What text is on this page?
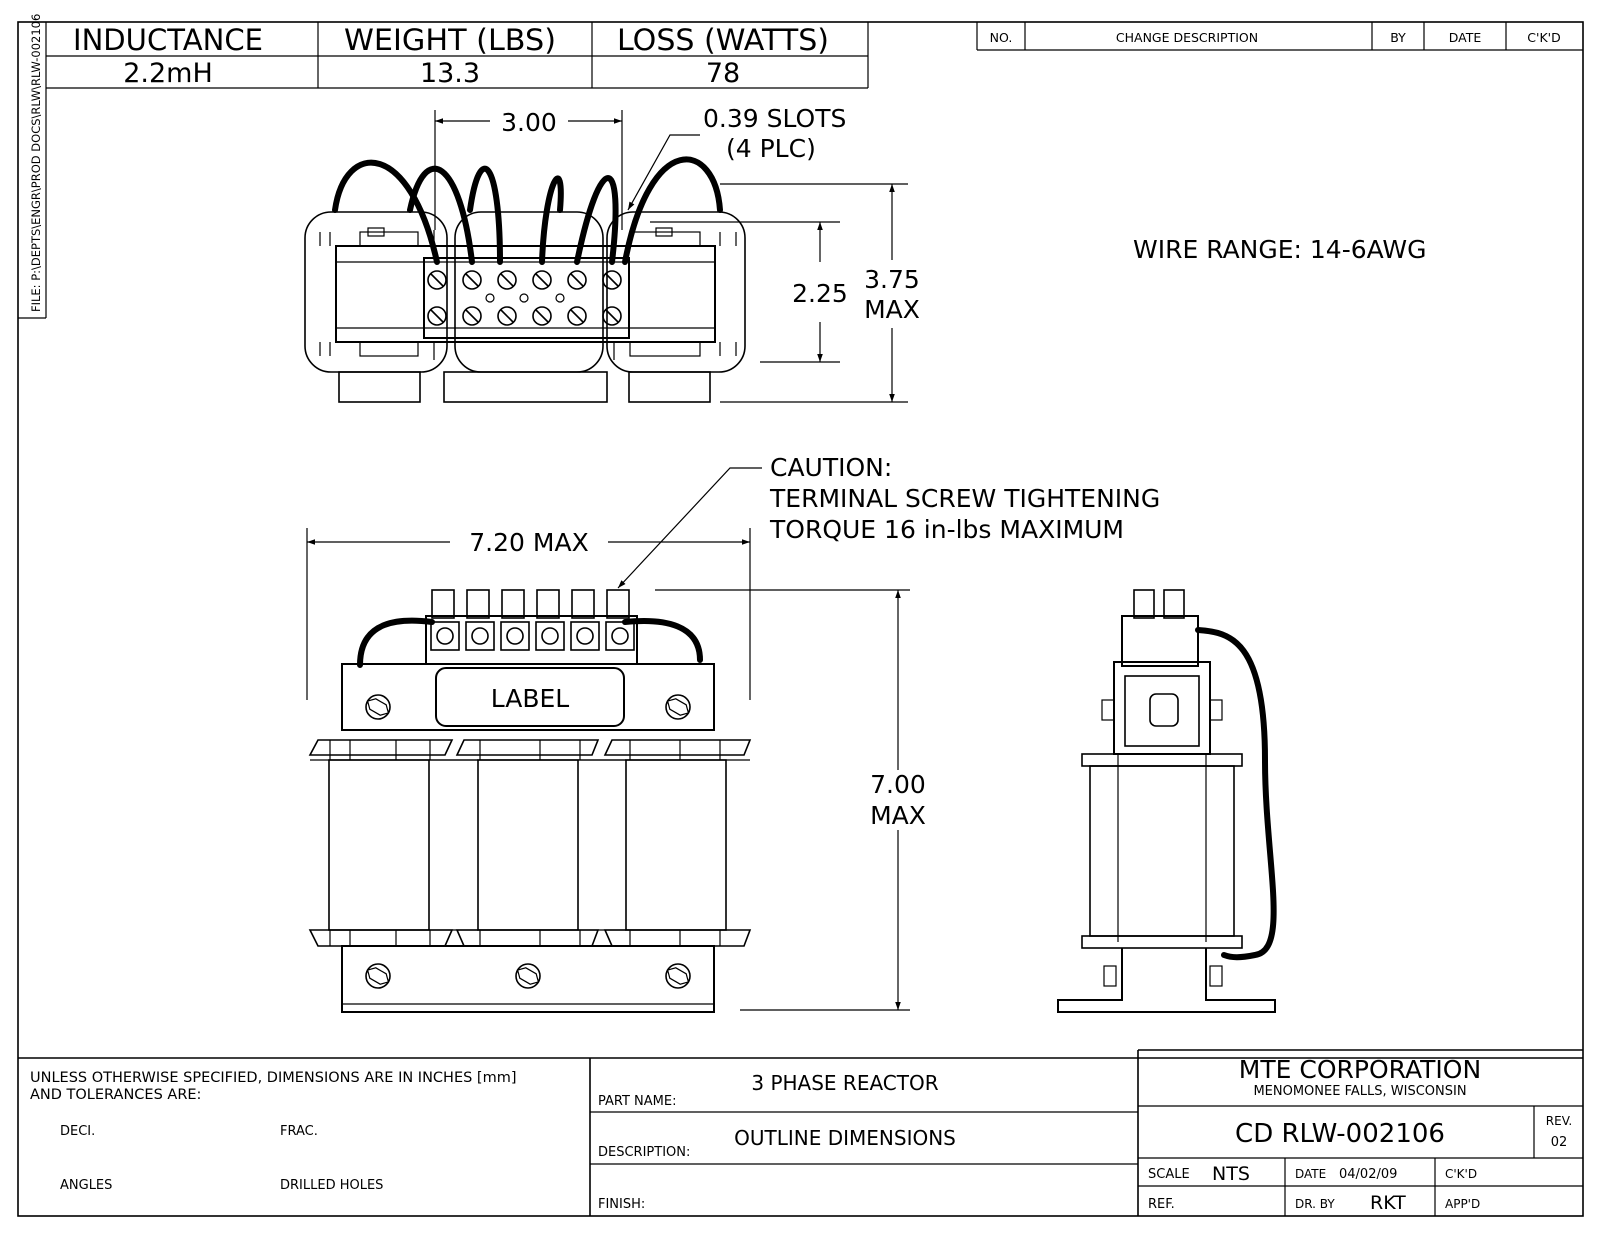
FILE: P:\DEPTS\ENGR\PROD DOCS\RLW\RLW-002106 INDUCTANCE	WEIGHT (LBS) LOSS (WATTS)
2.2mH	13.3	78
NO.	CHANGE DESCRIPTION	BY	DATE	C'K'D
WIRE RANGE: 14-6AWG
3.00	0.39 SLOTS
(4 PLC)
2.25 3.75
MAX
CAUTION:
TERMINAL SCREW TIGHTENING
TORQUE 16 in-lbs MAXIMUM
7.20 MAX
7.00
MAX
LABEL
UNLESS OTHERWISE SPECIFIED, DIMENSIONS ARE IN INCHES [mm]
AND TOLERANCES ARE:
DECI.	FRAC.
ANGLES	DRILLED HOLES
PART NAME:
3 PHASE REACTOR
DESCRIPTION:
OUTLINE DIMENSIONS
FINISH:
MTE CORPORATION
MENOMONEE FALLS, WISCONSIN
CD RLW-002106	REV.
02
SCALE NTS	DATE 04/02/09	C'K'D
REF.	DR. BY RKT	APP'D
